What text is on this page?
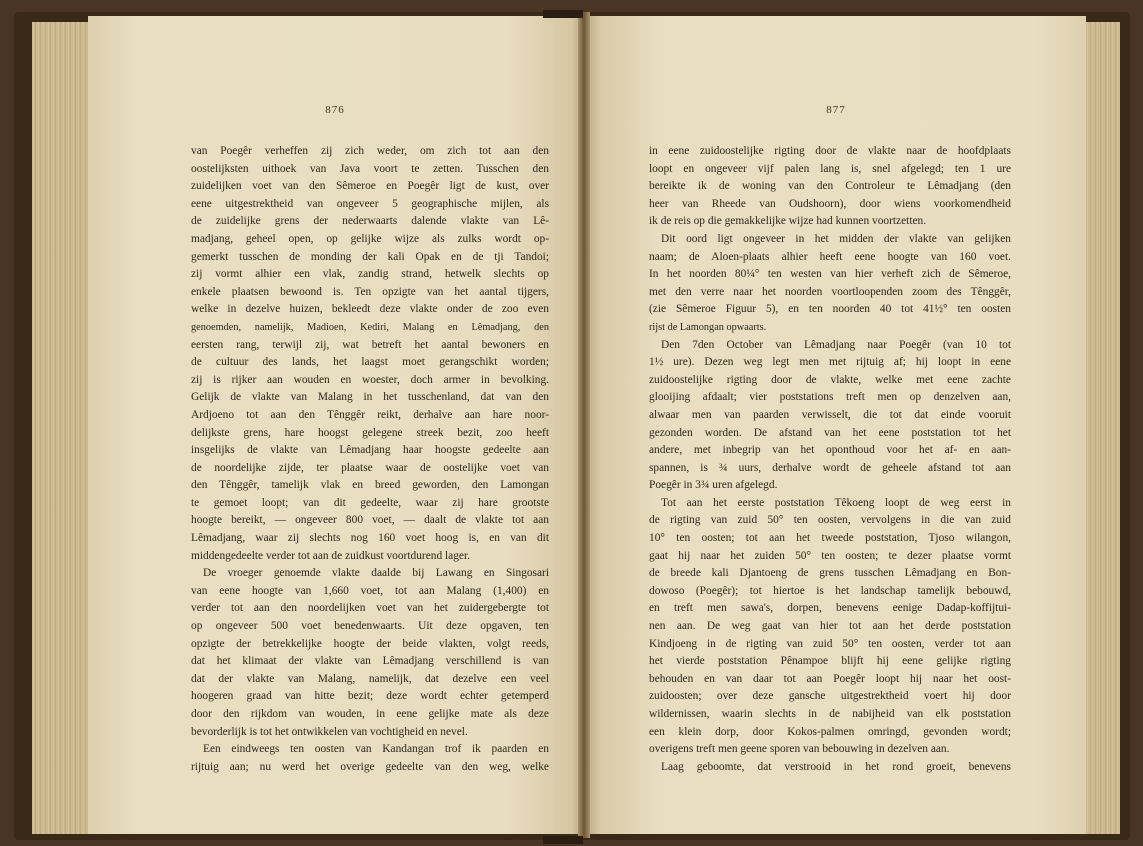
876
van Poegêr verheffen zij zich weder, om zich tot aan den
oostelijksten uithoek van Java voort te zetten. Tusschen den
zuidelijken voet van den Sêmeroe en Poegêr ligt de kust, over
eene uitgestrektheid van ongeveer 5 geographische mijlen, als
de zuidelijke grens der nederwaarts dalende vlakte van Lê-
madjang, geheel open, op gelijke wijze als zulks wordt op-
gemerkt tusschen de monding der kali Opak en de tji Tandoi;
zij vormt alhier een vlak, zandig strand, hetwelk slechts op
enkele plaatsen bewoond is. Ten opzigte van het aantal tijgers,
welke in dezelve huizen, bekleedt deze vlakte onder de zoo even
genoemden, namelijk, Madioen, Kediri, Malang en Lêmadjang, den
eersten rang, terwijl zij, wat betreft het aantal bewoners en
de cultuur des lands, het laagst moet gerangschikt worden;
zij is rijker aan wouden en woester, doch armer in bevolking.
Gelijk de vlakte van Malang in het tusschenland, dat van den
Ardjoeno tot aan den Tênggêr reikt, derhalve aan hare noor-
delijkste grens, hare hoogst gelegene streek bezit, zoo heeft
insgelijks de vlakte van Lêmadjang haar hoogste gedeelte aan
de noordelijke zijde, ter plaatse waar de oostelijke voet van
den Tênggêr, tamelijk vlak en breed geworden, den Lamongan
te gemoet loopt; van dit gedeelte, waar zij hare grootste
hoogte bereikt, — ongeveer 800 voet, — daalt de vlakte tot aan
Lêmadjang, waar zij slechts nog 160 voet hoog is, en van dit
middengedeelte verder tot aan de zuidkust voortdurend lager.
De vroeger genoemde vlakte daalde bij Lawang en Singosari
van eene hoogte van 1,660 voet, tot aan Malang (1,400) en
verder tot aan den noordelijken voet van het zuidergebergte tot
op ongeveer 500 voet benedenwaarts. Uit deze opgaven, ten
opzigte der betrekkelijke hoogte der beide vlakten, volgt reeds,
dat het klimaat der vlakte van Lêmadjang verschillend is van
dat der vlakte van Malang, namelijk, dat dezelve een veel
hoogeren graad van hitte bezit; deze wordt echter getemperd
door den rijkdom van wouden, in eene gelijke mate als deze
bevorderlijk is tot het ontwikkelen van vochtigheid en nevel.
Een eindweegs ten oosten van Kandangan trof ik paarden en
rijtuig aan; nu werd het overige gedeelte van den weg, welke
877
in eene zuidoostelijke rigting door de vlakte naar de hoofdplaats
loopt en ongeveer vijf palen lang is, snel afgelegd; ten 1 ure
bereikte ik de woning van den Controleur te Lêmadjang (den
heer van Rheede van Oudshoorn), door wiens voorkomendheid
ik de reis op die gemakkelijke wijze had kunnen voortzetten.
Dit oord ligt ongeveer in het midden der vlakte van gelijken
naam; de Aloen-plaats alhier heeft eene hoogte van 160 voet.
In het noorden 80¼° ten westen van hier verheft zich de Sêmeroe,
met den verre naar het noorden voortloopenden zoom des Tênggêr,
(zie Sêmeroe Figuur 5), en ten noorden 40 tot 41½° ten oosten
rijst de Lamongan opwaarts.
Den 7den October van Lêmadjang naar Poegêr (van 10 tot
1½ ure). Dezen weg legt men met rijtuig af; hij loopt in eene
zuidoostelijke rigting door de vlakte, welke met eene zachte
glooijing afdaalt; vier poststations treft men op denzelven aan,
alwaar men van paarden verwisselt, die tot dat einde vooruit
gezonden worden. De afstand van het eene poststation tot het
andere, met inbegrip van het oponthoud voor het af- en aan-
spannen, is ¾ uurs, derhalve wordt de geheele afstand tot aan
Poegêr in 3¾ uren afgelegd.
Tot aan het eerste poststation Têkoeng loopt de weg eerst in
de rigting van zuid 50° ten oosten, vervolgens in die van zuid
10° ten oosten; tot aan het tweede poststation, Tjoso wilangon,
gaat hij naar het zuiden 50° ten oosten; te dezer plaatse vormt
de breede kali Djantoeng de grens tusschen Lêmadjang en Bon-
dowoso (Poegêr); tot hiertoe is het landschap tamelijk bebouwd,
en treft men sawa's, dorpen, benevens eenige Dadap-koffijtui-
nen aan. De weg gaat van hier tot aan het derde poststation
Kindjoeng in de rigting van zuid 50° ten oosten, verder tot aan
het vierde poststation Pênampoe blijft hij eene gelijke rigting
behouden en van daar tot aan Poegêr loopt hij naar het oost-
zuidoosten; over deze gansche uitgestrektheid voert hij door
wildernissen, waarin slechts in de nabijheid van elk poststation
een klein dorp, door Kokos-palmen omringd, gevonden wordt;
overigens treft men geene sporen van bebouwing in dezelven aan.
Laag geboomte, dat verstrooid in het rond groeit, benevens
